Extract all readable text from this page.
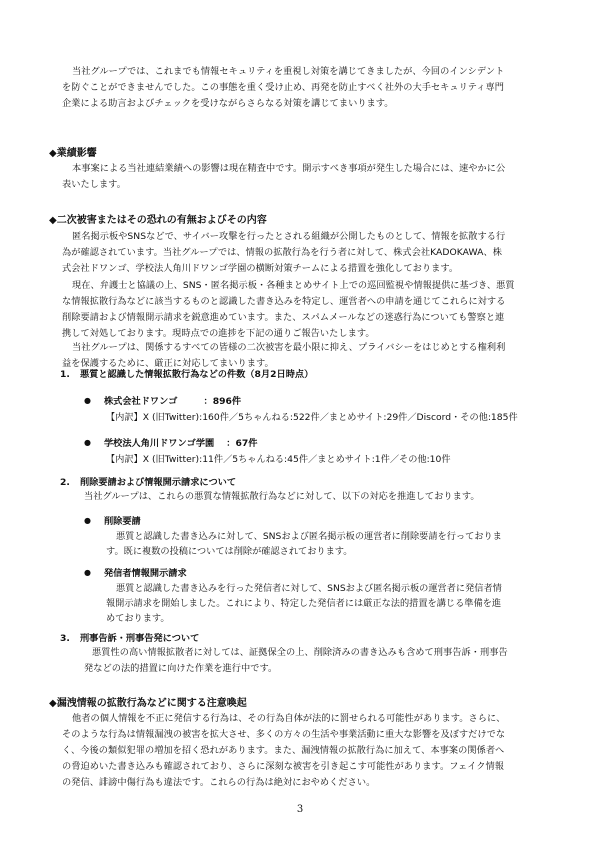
当社グループでは、これまでも情報セキュリティを重視し対策を講じてきましたが、今回のインシデント
を防ぐことができませんでした。この事態を重く受け止め、再発を防止すべく社外の大手セキュリティ専門
企業による助言およびチェックを受けながらさらなる対策を講じてまいります。

◆業績影響

本事案による当社連結業績への影響は現在精査中です。開示すべき事項が発生した場合には、速やかに公
表いたします。

◆二次被害またはその恐れの有無およびその内容

匿名掲示板やSNSなどで、サイバー攻撃を行ったとされる組織が公開したものとして、情報を拡散する行
為が確認されています。当社グループでは、情報の拡散行為を行う者に対して、株式会社KADOKAWA、株
式会社ドワンゴ、学校法人角川ドワンゴ学園の横断対策チームによる措置を強化しております。

現在、弁護士と協議の上、SNS・匿名掲示板・各種まとめサイト上での巡回監視や情報提供に基づき、悪質
な情報拡散行為などに該当するものと認識した書き込みを特定し、運営者への申請を通じてこれらに対する
削除要請および情報開示請求を鋭意進めています。また、スパムメールなどの迷惑行為についても警察と連
携して対処しております。現時点での進捗を下記の通りご報告いたします。

当社グループは、関係するすべての皆様の二次被害を最小限に抑え、プライバシーをはじめとする権利利
益を保護するために、厳正に対応してまいります。

1. 悪質と認識した情報拡散行為などの件数（8月2日時点）

● 株式会社ドワンゴ	：896件

【内訳】X (旧Twitter):160件／5ちゃんねる:522件／まとめサイト:29件／Discord・その他:185件

● 学校法人角川ドワンゴ学園 ：67件

【内訳】X (旧Twitter):11件／5ちゃんねる:45件／まとめサイト:1件／その他:10件

2. 削除要請および情報開示請求について

当社グループは、これらの悪質な情報拡散行為などに対して、以下の対応を推進しております。

● 削除要請

悪質と認識した書き込みに対して、SNSおよび匿名掲示板の運営者に削除要請を行っておりま
す。既に複数の投稿については削除が確認されております。

● 発信者情報開示請求

悪質と認識した書き込みを行った発信者に対して、SNSおよび匿名掲示板の運営者に発信者情
報開示請求を開始しました。これにより、特定した発信者には厳正な法的措置を講じる準備を進
めております。

3. 刑事告訴・刑事告発について

悪質性の高い情報拡散者に対しては、証拠保全の上、削除済みの書き込みも含めて刑事告訴・刑事告
発などの法的措置に向けた作業を進行中です。

◆漏洩情報の拡散行為などに関する注意喚起

他者の個人情報を不正に発信する行為は、その行為自体が法的に罰せられる可能性があります。さらに、
そのような行為は情報漏洩の被害を拡大させ、多くの方々の生活や事業活動に重大な影響を及ぼすだけでな
く、今後の類似犯罪の増加を招く恐れがあります。また、漏洩情報の拡散行為に加えて、本事案の関係者へ
の脅迫めいた書き込みも確認されており、さらに深刻な被害を引き起こす可能性があります。フェイク情報
の発信、誹謗中傷行為も違法です。これらの行為は絶対におやめください。

3
